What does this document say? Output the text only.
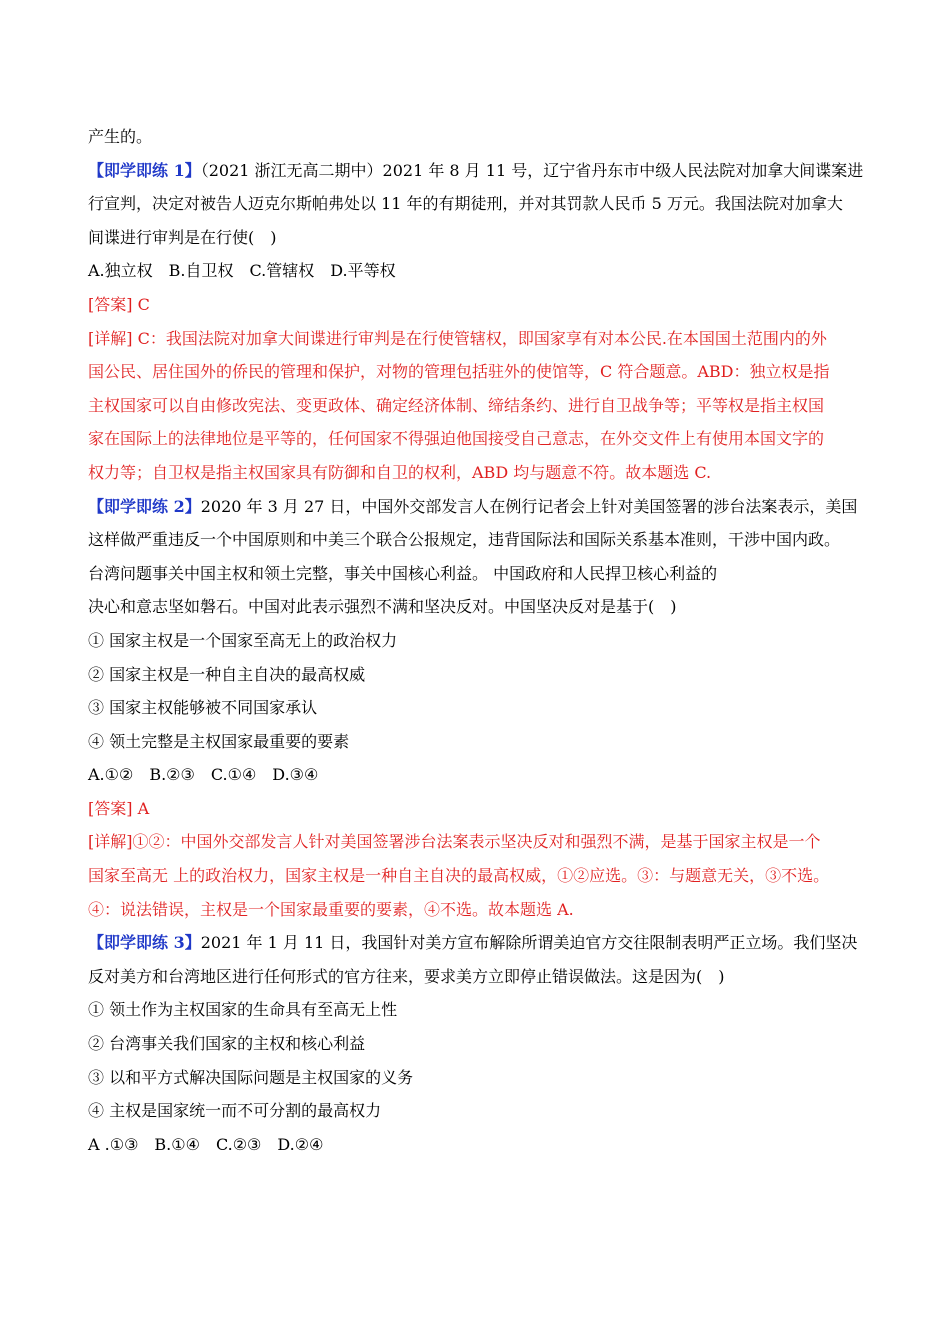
产生的。
【即学即练 1】（2021 浙江无高二期中）2021 年 8 月 11 号，辽宁省丹东市中级人民法院对加拿大间谍案进
行宣判，决定对被告人迈克尔斯帕弗处以 11 年的有期徒刑，并对其罚款人民币 5 万元。我国法院对加拿大
间谍进行审判是在行使(　)
A.独立权　B.自卫权　C.管辖权　D.平等权
[答案] C
[详解] C：我国法院对加拿大间谍进行审判是在行使管辖权，即国家享有对本公民.在本国国土范围内的外
国公民、居住国外的侨民的管理和保护，对物的管理包括驻外的使馆等，C 符合题意。ABD：独立权是指
主权国家可以自由修改宪法、变更政体、确定经济体制、缔结条约、进行自卫战争等；平等权是指主权国
家在国际上的法律地位是平等的，任何国家不得强迫他国接受自己意志，在外交文件上有使用本国文字的
权力等；自卫权是指主权国家具有防御和自卫的权利，ABD 均与题意不符。故本题选 C.
【即学即练 2】2020 年 3 月 27 日，中国外交部发言人在例行记者会上针对美国签署的涉台法案表示，美国
这样做严重违反一个中国原则和中美三个联合公报规定，违背国际法和国际关系基本准则，干涉中国内政。
台湾问题事关中国主权和领土完整，事关中国核心利益。 中国政府和人民捍卫核心利益的
决心和意志坚如磐石。中国对此表示强烈不满和坚决反对。中国坚决反对是基于(　)
① 国家主权是一个国家至高无上的政治权力
② 国家主权是一种自主自决的最高权威
③ 国家主权能够被不同国家承认
④ 领土完整是主权国家最重要的要素
A.①②　B.②③　C.①④　D.③④
[答案] A
[详解]①②：中国外交部发言人针对美国签署涉台法案表示坚决反对和强烈不满，是基于国家主权是一个
国家至高无 上的政治权力，国家主权是一种自主自决的最高权威，①②应选。③：与题意无关，③不选。
④：说法错误，主权是一个国家最重要的要素，④不选。故本题选 A.
【即学即练 3】2021 年 1 月 11 日，我国针对美方宣布解除所谓美迫官方交往限制表明严正立场。我们坚决
反对美方和台湾地区进行任何形式的官方往来，要求美方立即停止错误做法。这是因为(　)
① 领土作为主权国家的生命具有至高无上性
② 台湾事关我们国家的主权和核心利益
③ 以和平方式解决国际问题是主权国家的义务
④ 主权是国家统一而不可分割的最高权力
A .①③　B.①④　C.②③　D.②④
